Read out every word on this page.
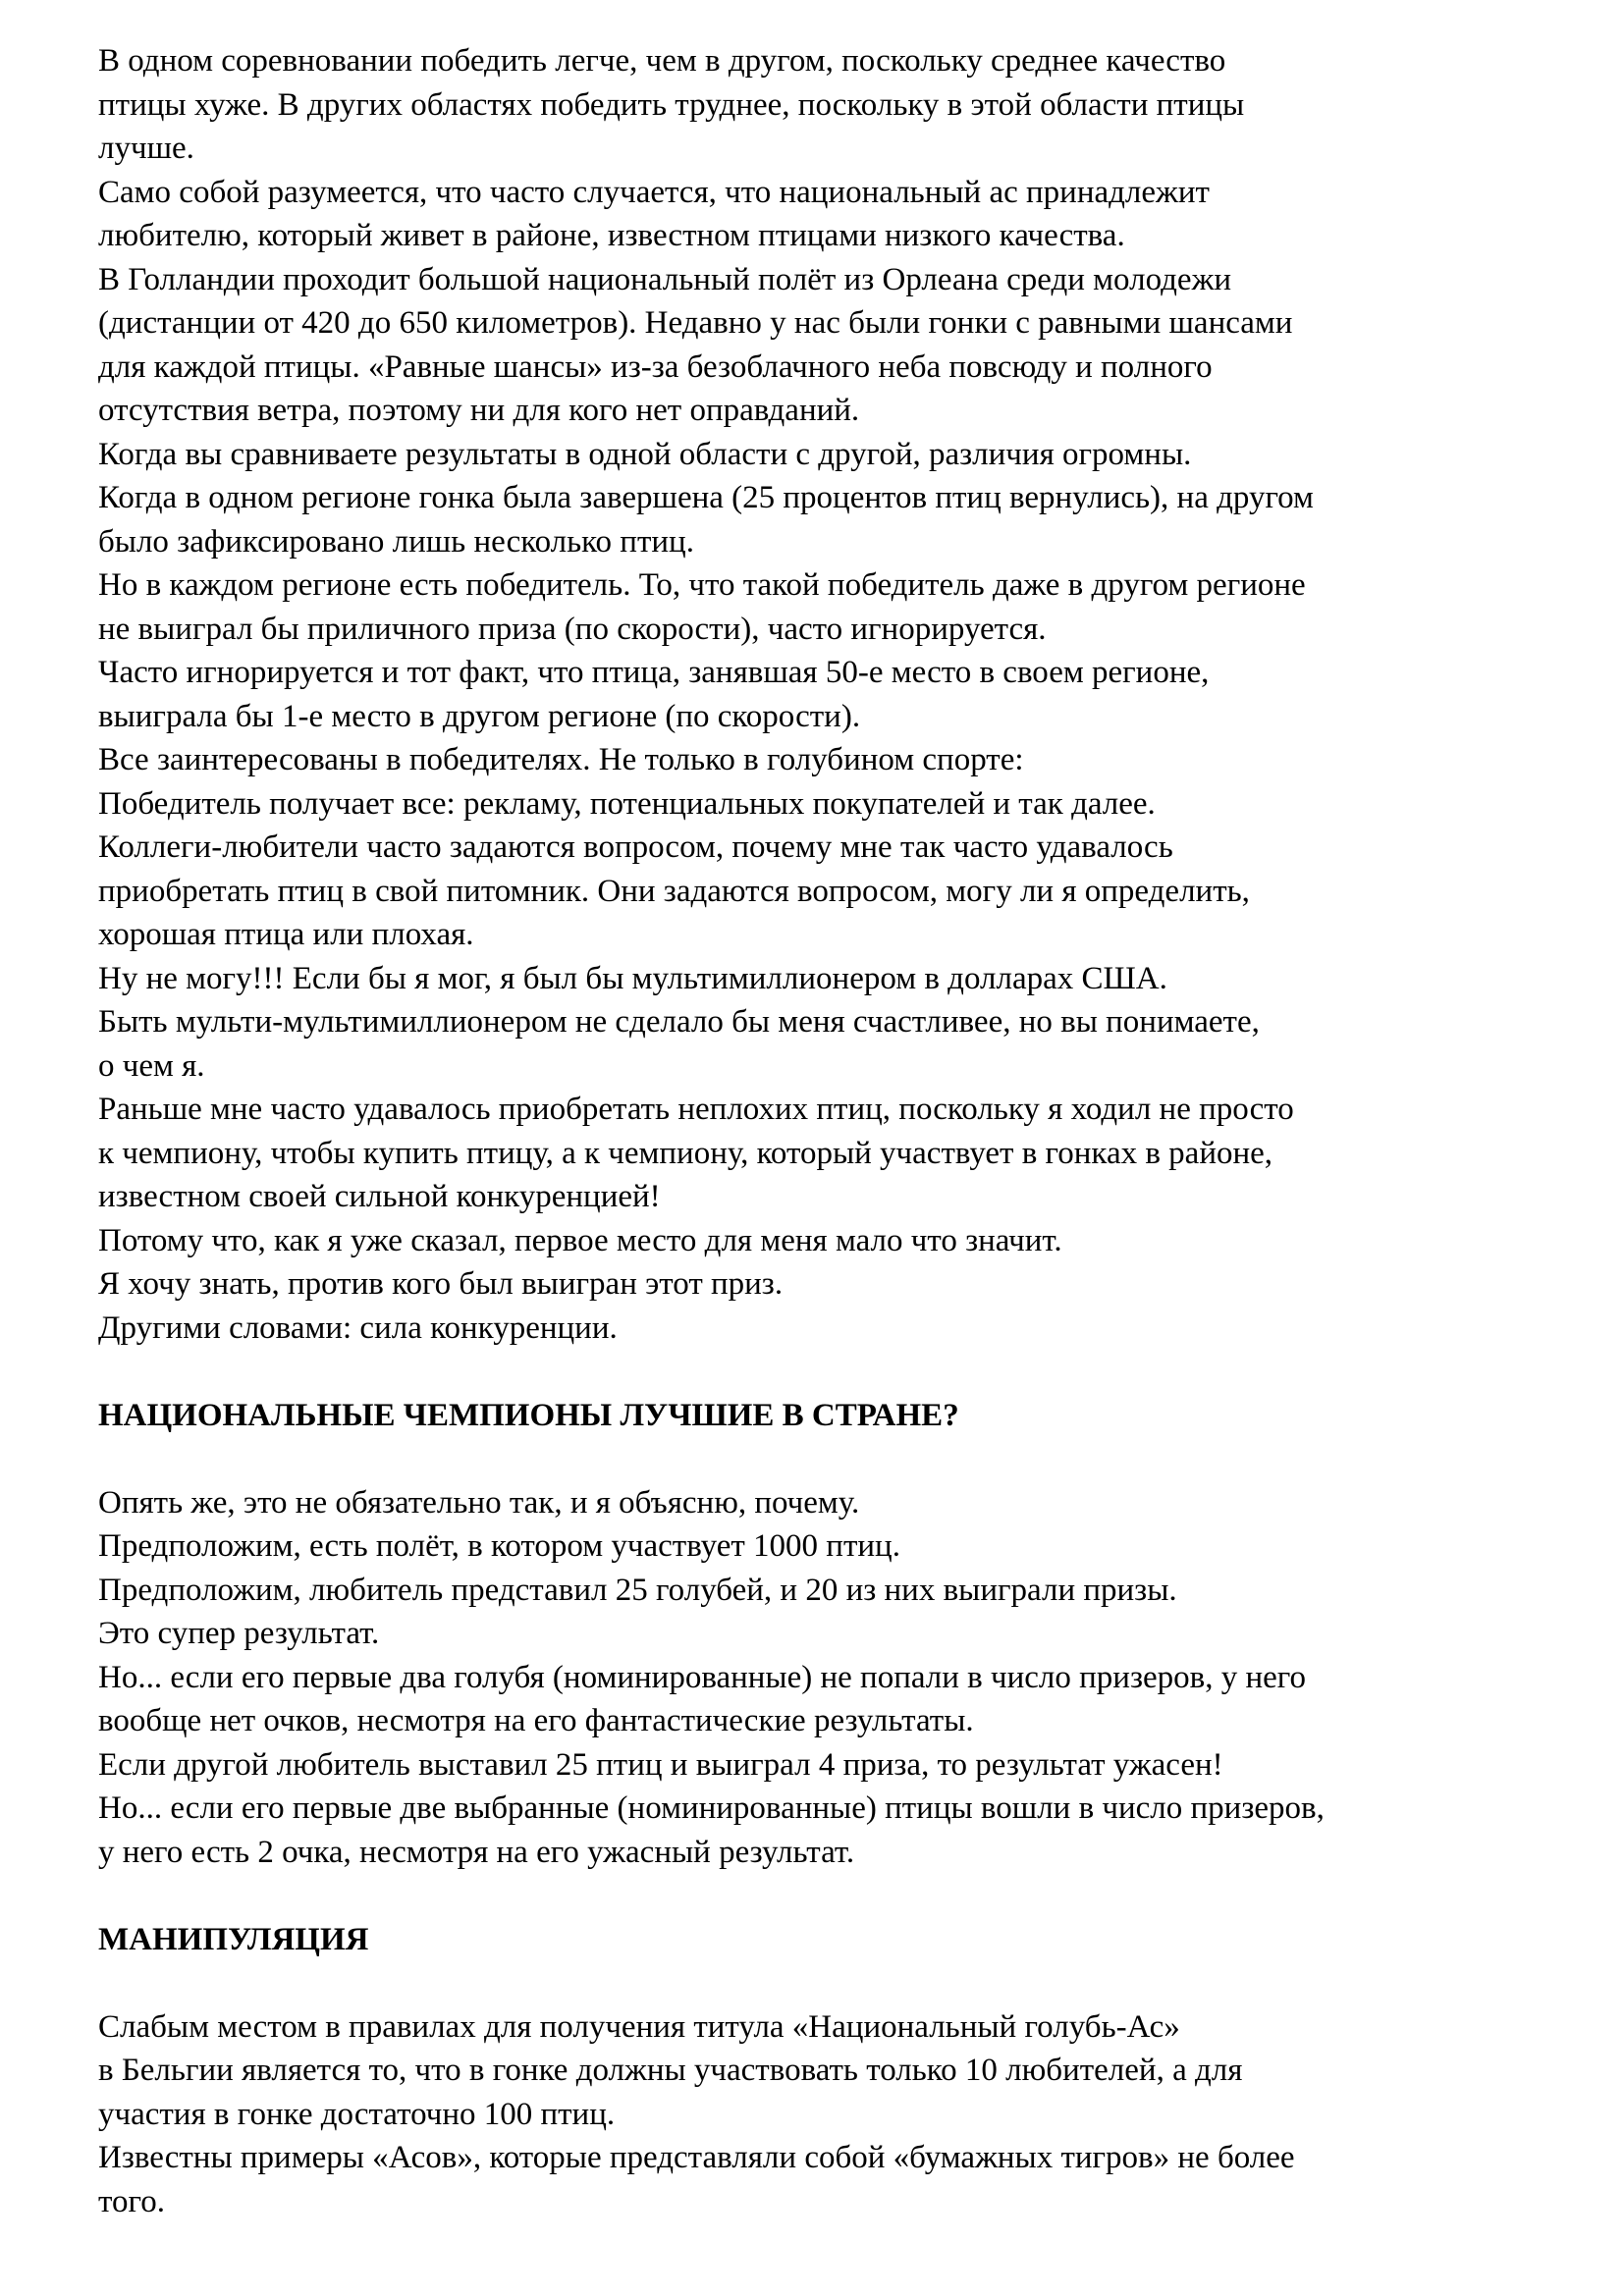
В одном соревновании победить легче, чем в другом, поскольку среднее качество

птицы хуже. В других областях победить труднее, поскольку в этой области птицы

лучше.

Само собой разумеется, что часто случается, что национальный ас принадлежит

любителю, который живет в районе, известном птицами низкого качества.

В Голландии проходит большой национальный полёт из Орлеана среди молодежи

(дистанции от 420 до 650 километров). Недавно у нас были гонки с равными шансами

для каждой птицы. «Равные шансы» из-за безоблачного неба повсюду и полного

отсутствия ветра, поэтому ни для кого нет оправданий.

Когда вы сравниваете результаты в одной области с другой, различия огромны.

Когда в одном регионе гонка была завершена (25 процентов птиц вернулись), на другом

было зафиксировано лишь несколько птиц.

Но в каждом регионе есть победитель. То, что такой победитель даже в другом регионе

не выиграл бы приличного приза (по скорости), часто игнорируется.

Часто игнорируется и тот факт, что птица, занявшая 50-е место в своем регионе,

выиграла бы 1-е место в другом регионе (по скорости).

Все заинтересованы в победителях. Не только в голубином спорте:

Победитель получает все: рекламу, потенциальных покупателей и так далее.

Коллеги-любители часто задаются вопросом, почему мне так часто удавалось

приобретать птиц в свой питомник. Они задаются вопросом, могу ли я определить,

хорошая птица или плохая.

Ну не могу!!! Если бы я мог, я был бы мультимиллионером в долларах США.

Быть мульти-мультимиллионером не сделало бы меня счастливее, но вы понимаете,

о чем я.

Раньше мне часто удавалось приобретать неплохих птиц, поскольку я ходил не просто

к чемпиону, чтобы купить птицу, а к чемпиону, который участвует в гонках в районе,

известном своей сильной конкуренцией!

Потому что, как я уже сказал, первое место для меня мало что значит.

Я хочу знать, против кого был выигран этот приз.

Другими словами: сила конкуренции.

НАЦИОНАЛЬНЫЕ ЧЕМПИОНЫ ЛУЧШИЕ В СТРАНЕ?

Опять же, это не обязательно так, и я объясню, почему.

Предположим, есть полёт, в котором участвует 1000 птиц.

Предположим, любитель представил 25 голубей, и 20 из них выиграли призы.

Это супер результат.

Но... если его первые два голубя (номинированные) не попали в число призеров, у него

вообще нет очков, несмотря на его фантастические результаты.

Если другой любитель выставил 25 птиц и выиграл 4 приза, то результат ужасен!

Но... если его первые две выбранные (номинированные) птицы вошли в число призеров,

у него есть 2 очка, несмотря на его ужасный результат.

МАНИПУЛЯЦИЯ

Слабым местом в правилах для получения титула «Национальный голубь-Ас»

в Бельгии является то, что в гонке должны участвовать только 10 любителей, а для

участия в гонке достаточно 100 птиц.

Известны примеры «Асов», которые представляли собой «бумажных тигров» не более

того.
